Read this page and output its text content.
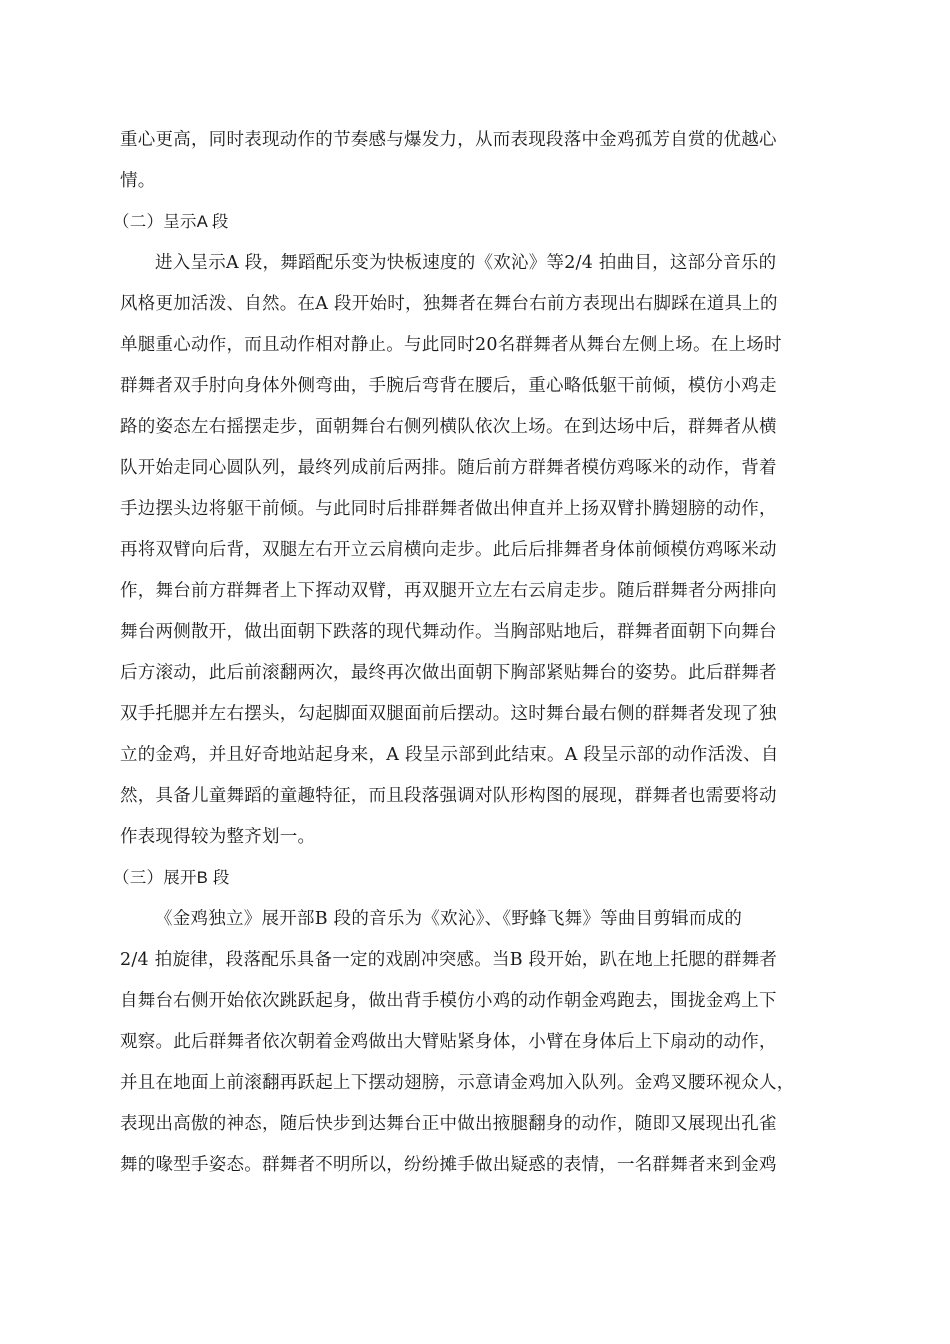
重心更高，同时表现动作的节奏感与爆发力，从而表现段落中金鸡孤芳自赏的优越心
情。
（二）呈示A 段
进入呈示A 段，舞蹈配乐变为快板速度的《欢沁》等2/4 拍曲目，这部分音乐的
风格更加活泼、自然。在A 段开始时，独舞者在舞台右前方表现出右脚踩在道具上的
单腿重心动作，而且动作相对静止。与此同时20名群舞者从舞台左侧上场。在上场时
群舞者双手肘向身体外侧弯曲，手腕后弯背在腰后，重心略低躯干前倾，模仿小鸡走
路的姿态左右摇摆走步，面朝舞台右侧列横队依次上场。在到达场中后，群舞者从横
队开始走同心圆队列，最终列成前后两排。随后前方群舞者模仿鸡啄米的动作，背着
手边摆头边将躯干前倾。与此同时后排群舞者做出伸直并上扬双臂扑腾翅膀的动作，
再将双臂向后背，双腿左右开立云肩横向走步。此后后排舞者身体前倾模仿鸡啄米动
作，舞台前方群舞者上下挥动双臂，再双腿开立左右云肩走步。随后群舞者分两排向
舞台两侧散开，做出面朝下跌落的现代舞动作。当胸部贴地后，群舞者面朝下向舞台
后方滚动，此后前滚翻两次，最终再次做出面朝下胸部紧贴舞台的姿势。此后群舞者
双手托腮并左右摆头，勾起脚面双腿面前后摆动。这时舞台最右侧的群舞者发现了独
立的金鸡，并且好奇地站起身来，A 段呈示部到此结束。A 段呈示部的动作活泼、自
然，具备儿童舞蹈的童趣特征，而且段落强调对队形构图的展现，群舞者也需要将动
作表现得较为整齐划一。
（三）展开B 段
《金鸡独立》展开部B 段的音乐为《欢沁》、《野蜂飞舞》等曲目剪辑而成的
2/4 拍旋律，段落配乐具备一定的戏剧冲突感。当B 段开始，趴在地上托腮的群舞者
自舞台右侧开始依次跳跃起身，做出背手模仿小鸡的动作朝金鸡跑去，围拢金鸡上下
观察。此后群舞者依次朝着金鸡做出大臂贴紧身体，小臂在身体后上下扇动的动作，
并且在地面上前滚翻再跃起上下摆动翅膀，示意请金鸡加入队列。金鸡叉腰环视众人，
表现出高傲的神态，随后快步到达舞台正中做出掖腿翻身的动作，随即又展现出孔雀
舞的喙型手姿态。群舞者不明所以，纷纷摊手做出疑惑的表情，一名群舞者来到金鸡
